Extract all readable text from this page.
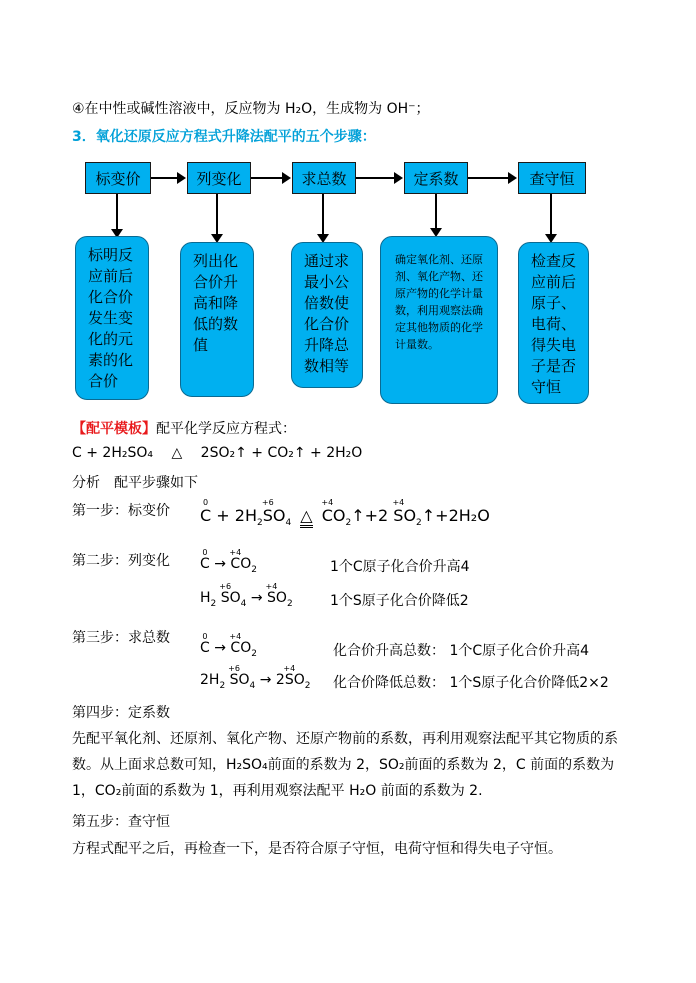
④在中性或碱性溶液中，反应物为 H₂O，生成物为 OH⁻；
3．氧化还原反应方程式升降法配平的五个步骤：
标变价	列变化	求总数	定系数	查守恒
标明反应前后化合价发生变化的元素的化合价
列出化合价升高和降低的数值
通过求最小公倍数使化合价升降总数相等
确定氧化剂、还原剂、氧化产物、还原产物的化学计量数，利用观察法确定其他物质的化学计量数。
检查反应前后原子、电荷、得失电子是否守恒
【配平模板】配平化学反应方程式：
C + 2H₂SO₄ △ 2SO₂↑ + CO₂↑ + 2H₂O
分析　配平步骤如下
第一步：标变价
0
$C + 2H_2$
+6
$SO_4$ △
+4
$CO_2↑+2$
+4
$SO_2↑+2H_2O$
第二步：列变化
0
C →
+4
$CO_2$	1个C原子化合价升高4
$H_2$
+6
$SO_4$ →
+4
$SO_2$	1个S原子化合价降低2
第三步：求总数	0
C →
+4
$CO_2$	化合价升高总数： 1个C原子化合价升高4
$2H_2$
+6
$SO_4 \to 2$
+4
$SO_2$ 化合价降低总数： 1个S原子化合价降低2×2
第四步：定系数
先配平氧化剂、还原剂、氧化产物、还原产物前的系数，再利用观察法配平其它物质的系数。从上面求总数可知，H₂SO₄前面的系数为 2，SO₂前面的系数为 2，C 前面的系数为 1，CO₂前面的系数为 1，再利用观察法配平 H₂O 前面的系数为 2.
第五步：查守恒
方程式配平之后，再检查一下，是否符合原子守恒，电荷守恒和得失电子守恒。
